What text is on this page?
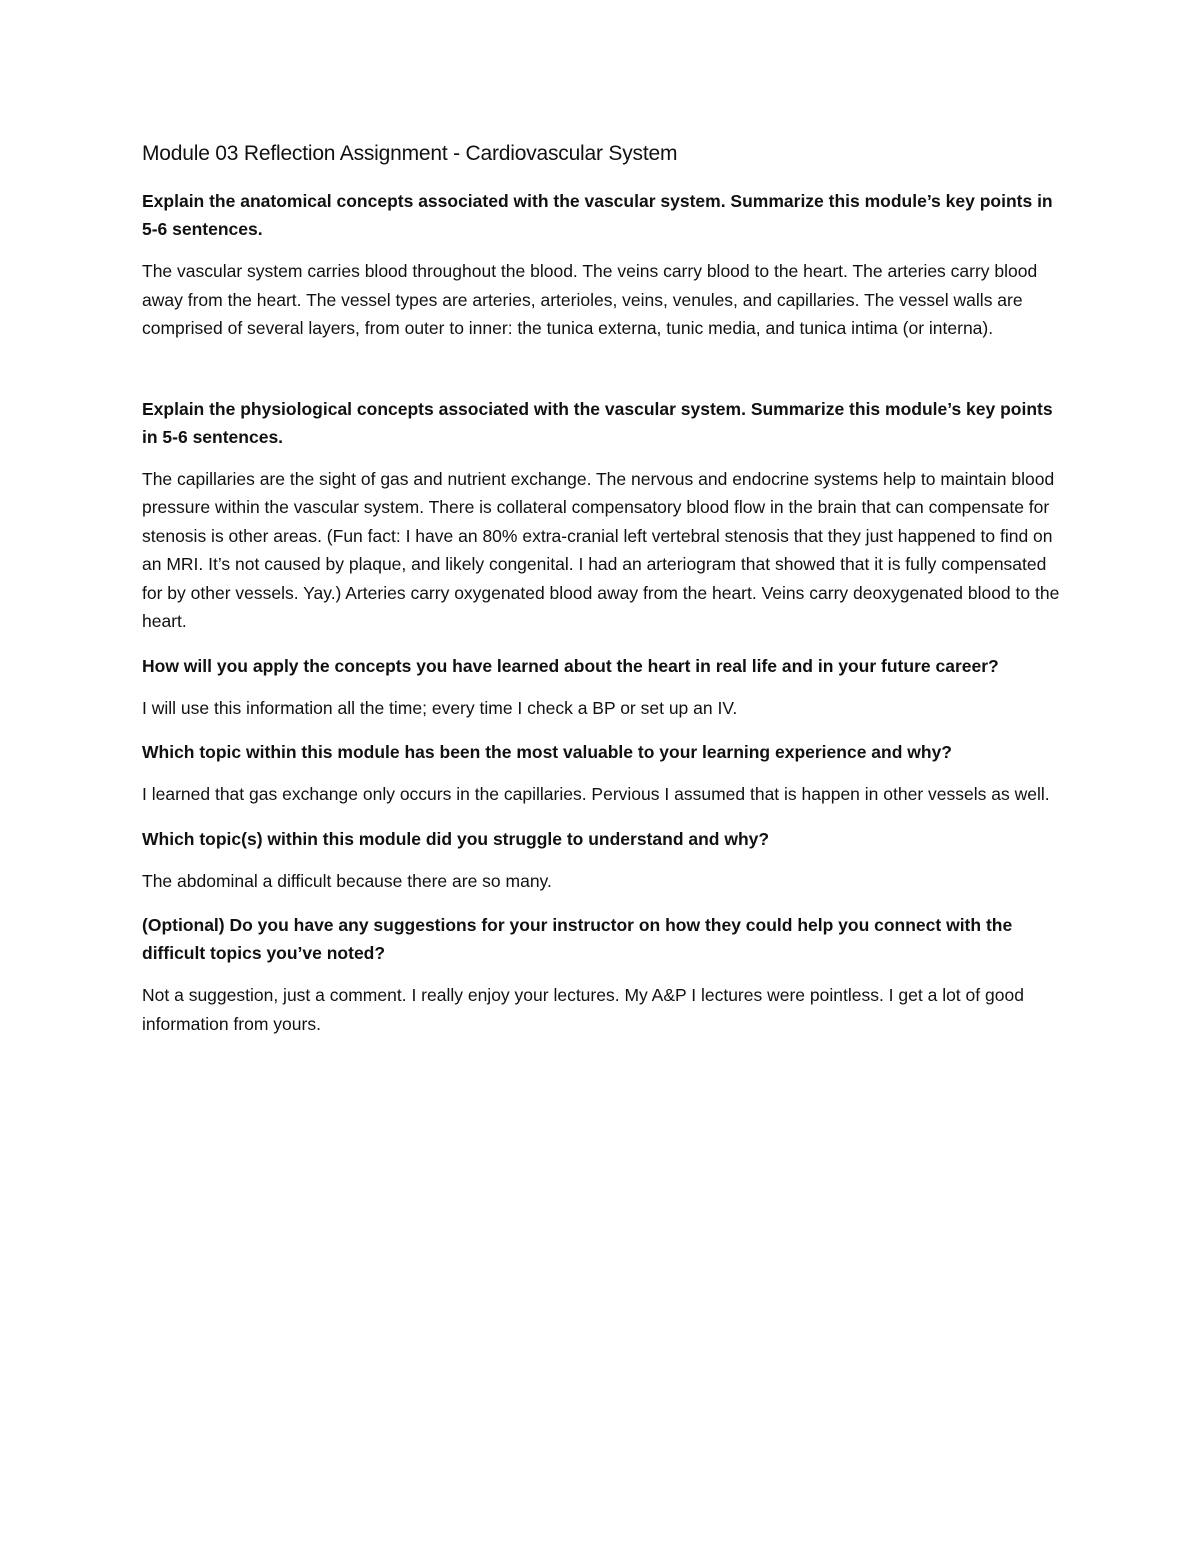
Module 03 Reflection Assignment - Cardiovascular System

Explain the anatomical concepts associated with the vascular system. Summarize this module’s key points in 5-6 sentences.

The vascular system carries blood throughout the blood. The veins carry blood to the heart. The arteries carry blood away from the heart. The vessel types are arteries, arterioles, veins, venules, and capillaries. The vessel walls are comprised of several layers, from outer to inner: the tunica externa, tunic media, and tunica intima (or interna).

Explain the physiological concepts associated with the vascular system. Summarize this module’s key points in 5-6 sentences.

The capillaries are the sight of gas and nutrient exchange. The nervous and endocrine systems help to maintain blood pressure within the vascular system. There is collateral compensatory blood flow in the brain that can compensate for stenosis is other areas. (Fun fact: I have an 80% extra-cranial left vertebral stenosis that they just happened to find on an MRI. It’s not caused by plaque, and likely congenital. I had an arteriogram that showed that it is fully compensated for by other vessels. Yay.) Arteries carry oxygenated blood away from the heart. Veins carry deoxygenated blood to the heart.

How will you apply the concepts you have learned about the heart in real life and in your future career?

I will use this information all the time; every time I check a BP or set up an IV.

Which topic within this module has been the most valuable to your learning experience and why?

I learned that gas exchange only occurs in the capillaries. Pervious I assumed that is happen in other vessels as well.

Which topic(s) within this module did you struggle to understand and why?

The abdominal a difficult because there are so many.

(Optional) Do you have any suggestions for your instructor on how they could help you connect with the difficult topics you’ve noted?

Not a suggestion, just a comment. I really enjoy your lectures. My A&P I lectures were pointless. I get a lot of good information from yours.
